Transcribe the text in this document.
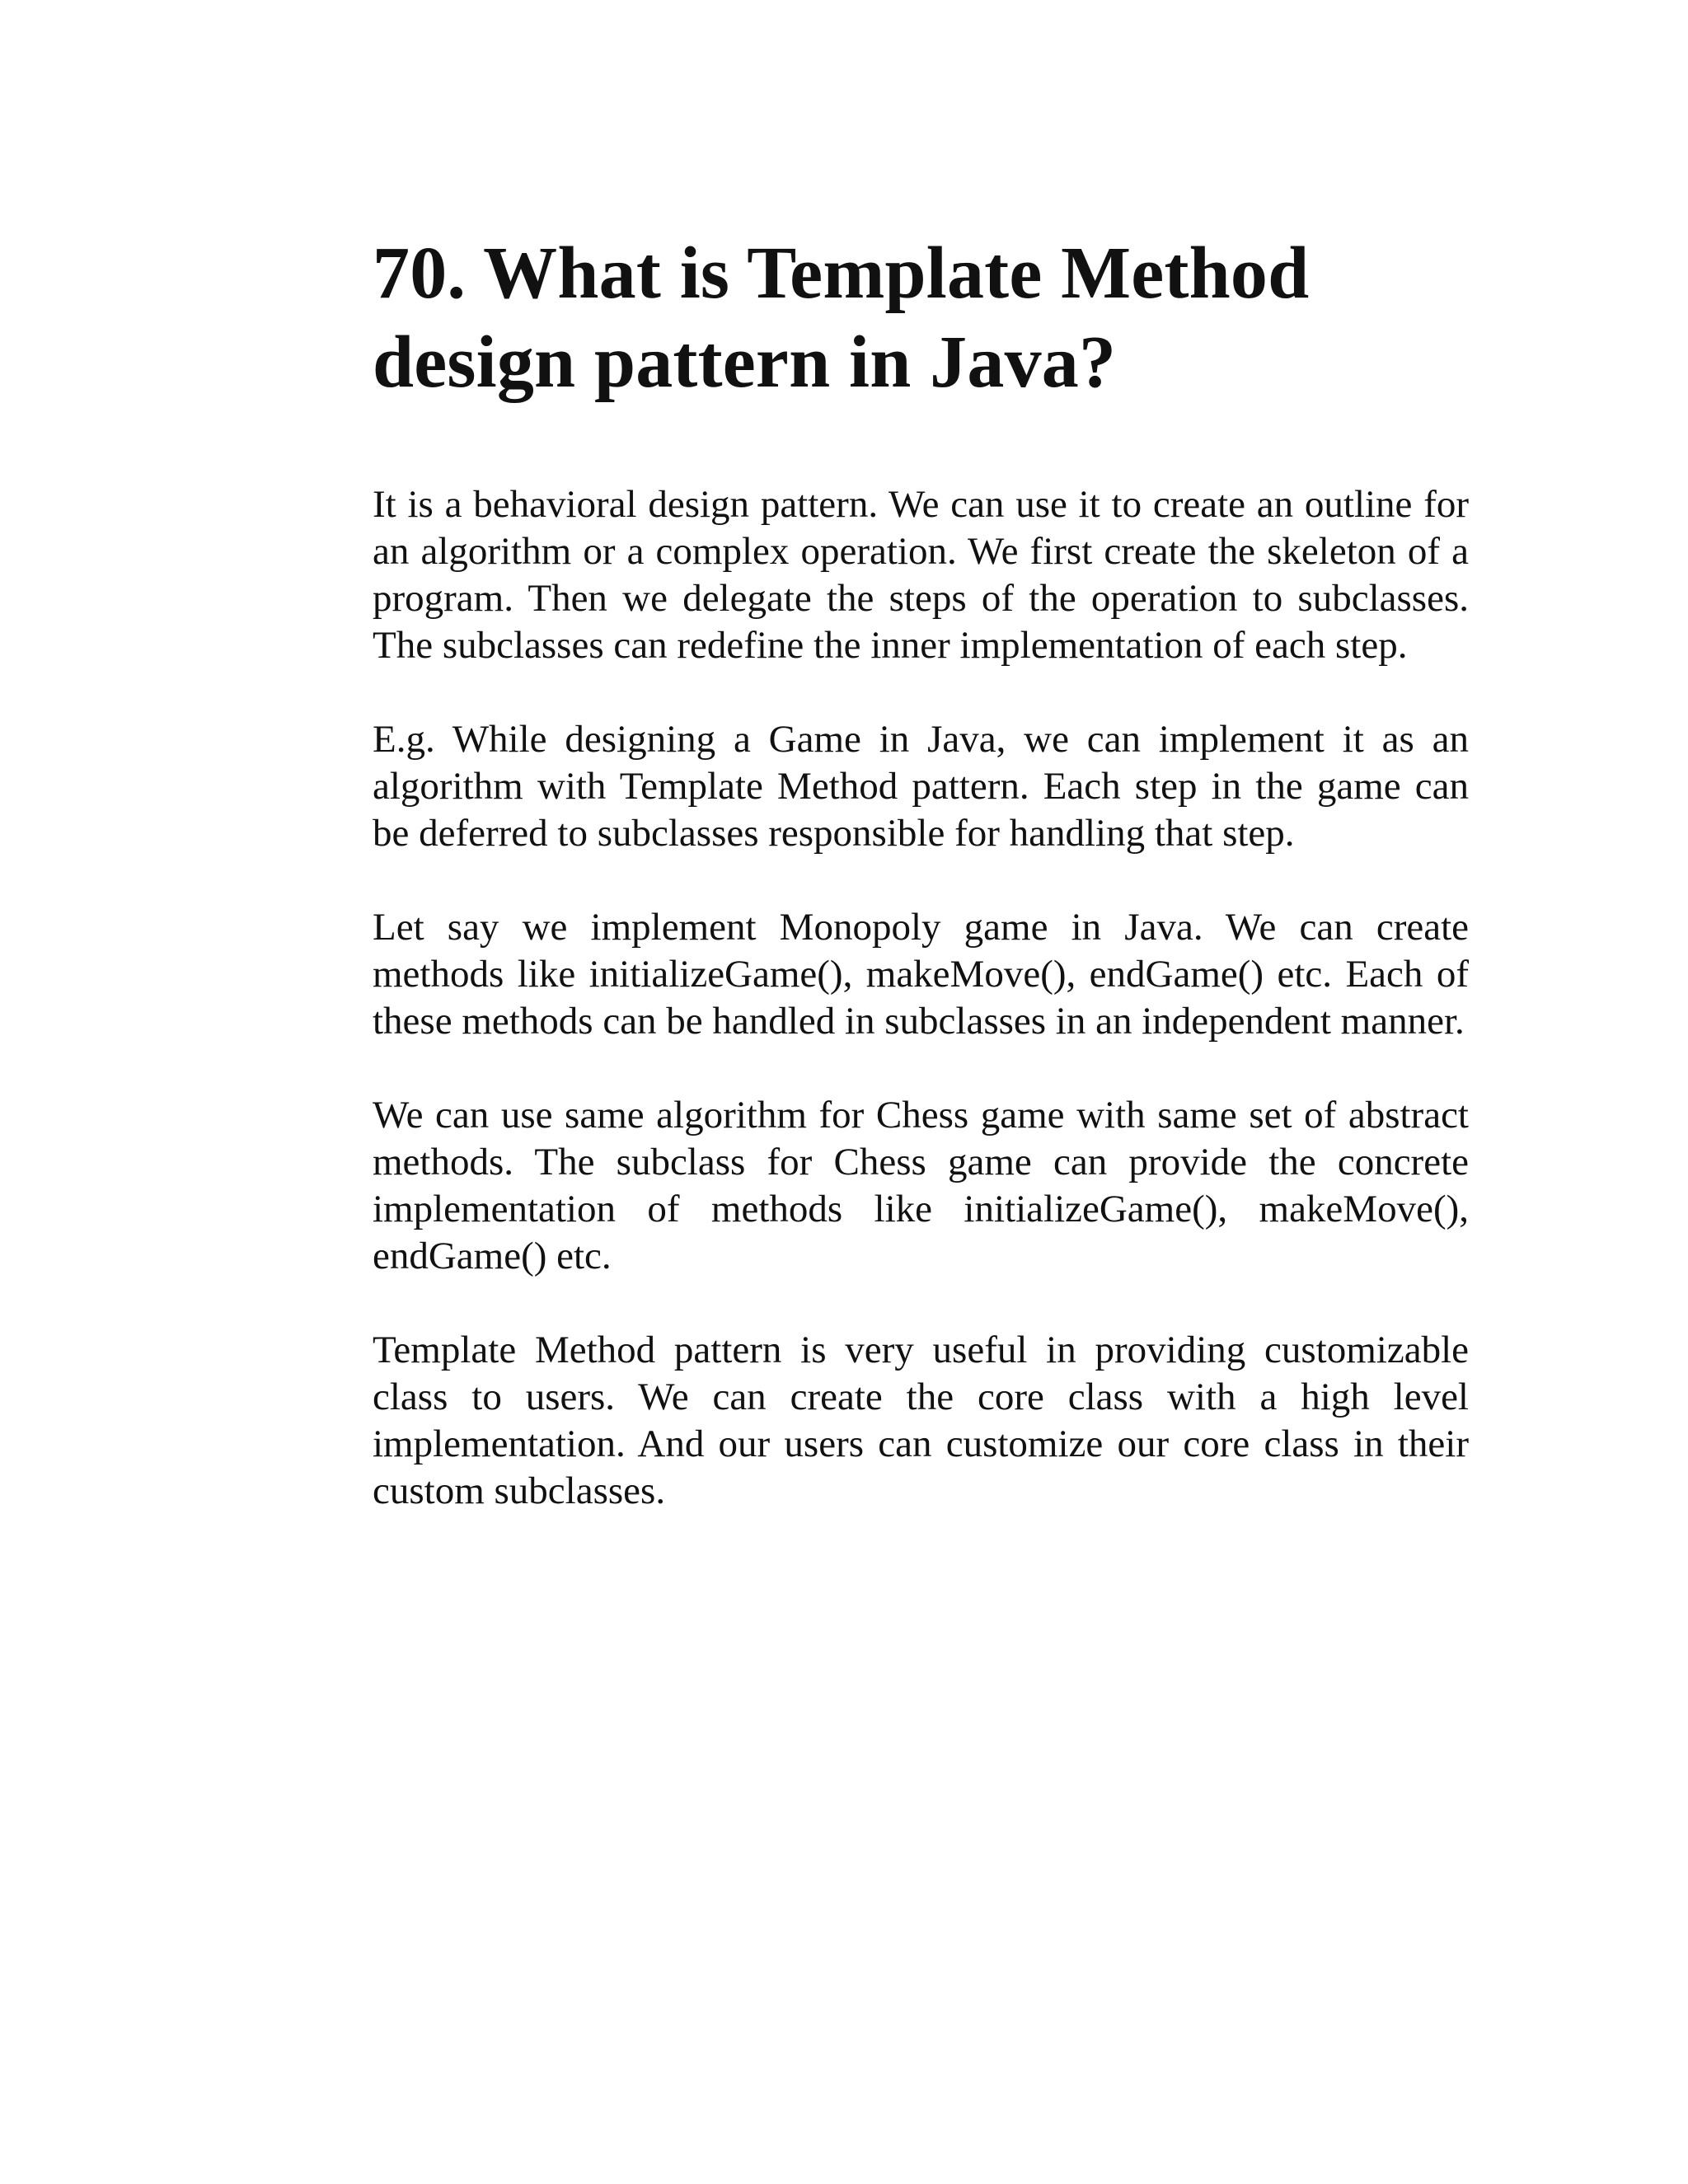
70. What is Template Method design pattern in Java?

It is a behavioral design pattern. We can use it to create an outline for an algorithm or a complex operation. We first create the skeleton of a program. Then we delegate the steps of the operation to subclasses. The subclasses can redefine the inner implementation of each step.

E.g. While designing a Game in Java, we can implement it as an algorithm with Template Method pattern. Each step in the game can be deferred to subclasses responsible for handling that step.

Let say we implement Monopoly game in Java. We can create methods like initializeGame(), makeMove(), endGame() etc. Each of these methods can be handled in subclasses in an independent manner.

We can use same algorithm for Chess game with same set of abstract methods. The subclass for Chess game can provide the concrete implementation of methods like initializeGame(), makeMove(), endGame() etc.

Template Method pattern is very useful in providing customizable class to users. We can create the core class with a high level implementation. And our users can customize our core class in their custom subclasses.
